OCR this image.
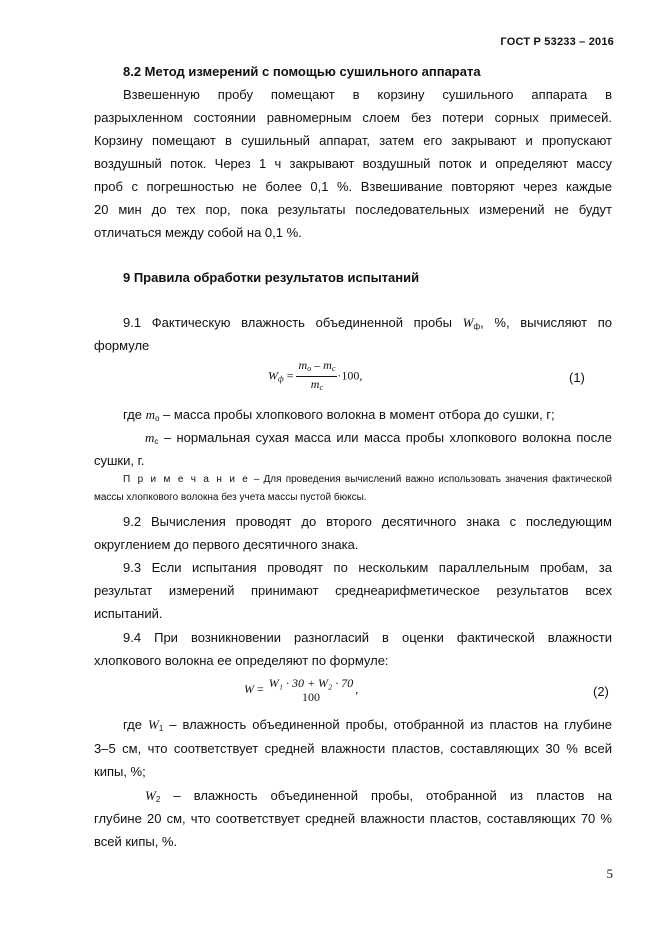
ГОСТ Р 53233 – 2016
8.2 Метод измерений с помощью сушильного аппарата
Взвешенную пробу помещают в корзину сушильного аппарата в
разрыхленном состоянии равномерным слоем без потери сорных примесей.
Корзину помещают в сушильный аппарат, затем его закрывают и пропускают
воздушный поток. Через 1 ч закрывают воздушный поток и определяют массу
проб с погрешностью не более 0,1 %. Взвешивание повторяют через каждые
20 мин до тех пор, пока результаты последовательных измерений не будут
отличаться между собой на 0,1 %.
9 Правила обработки результатов испытаний
9.1 Фактическую влажность объединенной пробы $W_ф$, %, вычисляют по
формуле
$W_ф = \frac{m_о - m_с}{m_с} \cdot 100$,	(1)
где $m_о$ – масса пробы хлопкового волокна в момент отбора до сушки, г;
$m_с$ – нормальная сухая масса или масса пробы хлопкового волокна после
сушки, г.
П р и м е ч а н и е – Для проведения вычислений важно использовать значения фактической
массы хлопкового волокна без учета массы пустой бюксы.
9.2 Вычисления проводят до второго десятичного знака с последующим
округлением до первого десятичного знака.
9.3 Если испытания проводят по нескольким параллельным пробам, за
результат измерений принимают среднеарифметическое результатов всех
испытаний.
9.4 При возникновении разногласий в оценки фактической влажности
хлопкового волокна ее определяют по формуле:
W = W₁ · 30 + W₂ · 70
100
,	(2)
где $W_1$ – влажность объединенной пробы, отобранной из пластов на глубине
3–5 см, что соответствует средней влажности пластов, составляющих 30 % всей
кипы, %;
$W_2$ – влажность объединенной пробы, отобранной из пластов на
глубине 20 см, что соответствует средней влажности пластов, составляющих 70 %
всей кипы, %.
5
